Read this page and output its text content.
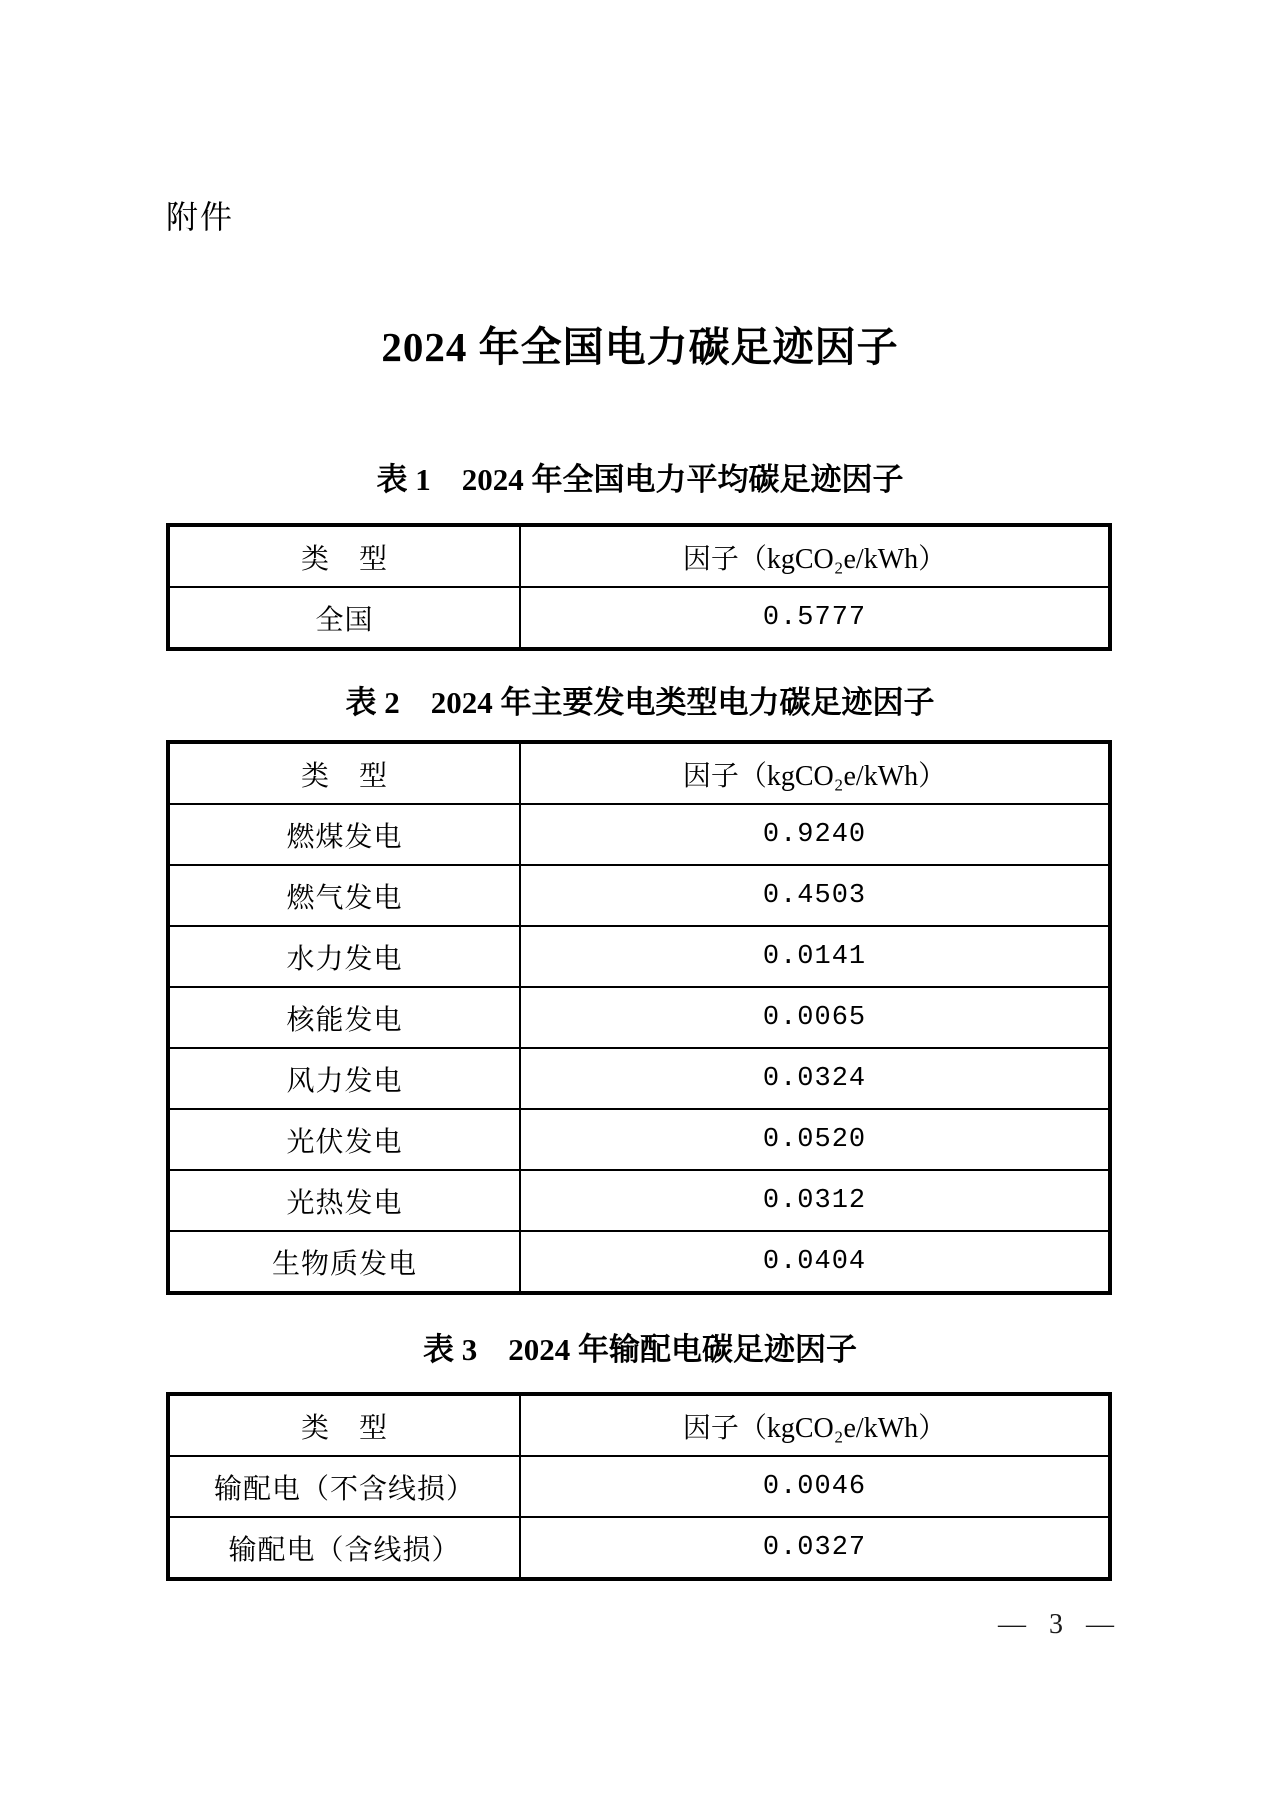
附件
2024 年全国电力碳足迹因子
表 1　2024 年全国电力平均碳足迹因子
类　型	因子（kgCO₂e/kWh）
全国	0.5777
表 2　2024 年主要发电类型电力碳足迹因子
类　型	因子（kgCO₂e/kWh）
燃煤发电	0.9240
燃气发电	0.4503
水力发电	0.0141
核能发电	0.0065
风力发电	0.0324
光伏发电	0.0520
光热发电	0.0312
生物质发电	0.0404
表 3　2024 年输配电碳足迹因子
类　型	因子（kgCO₂e/kWh）
输配电（不含线损）	0.0046
输配电（含线损）	0.0327
— 3 —
